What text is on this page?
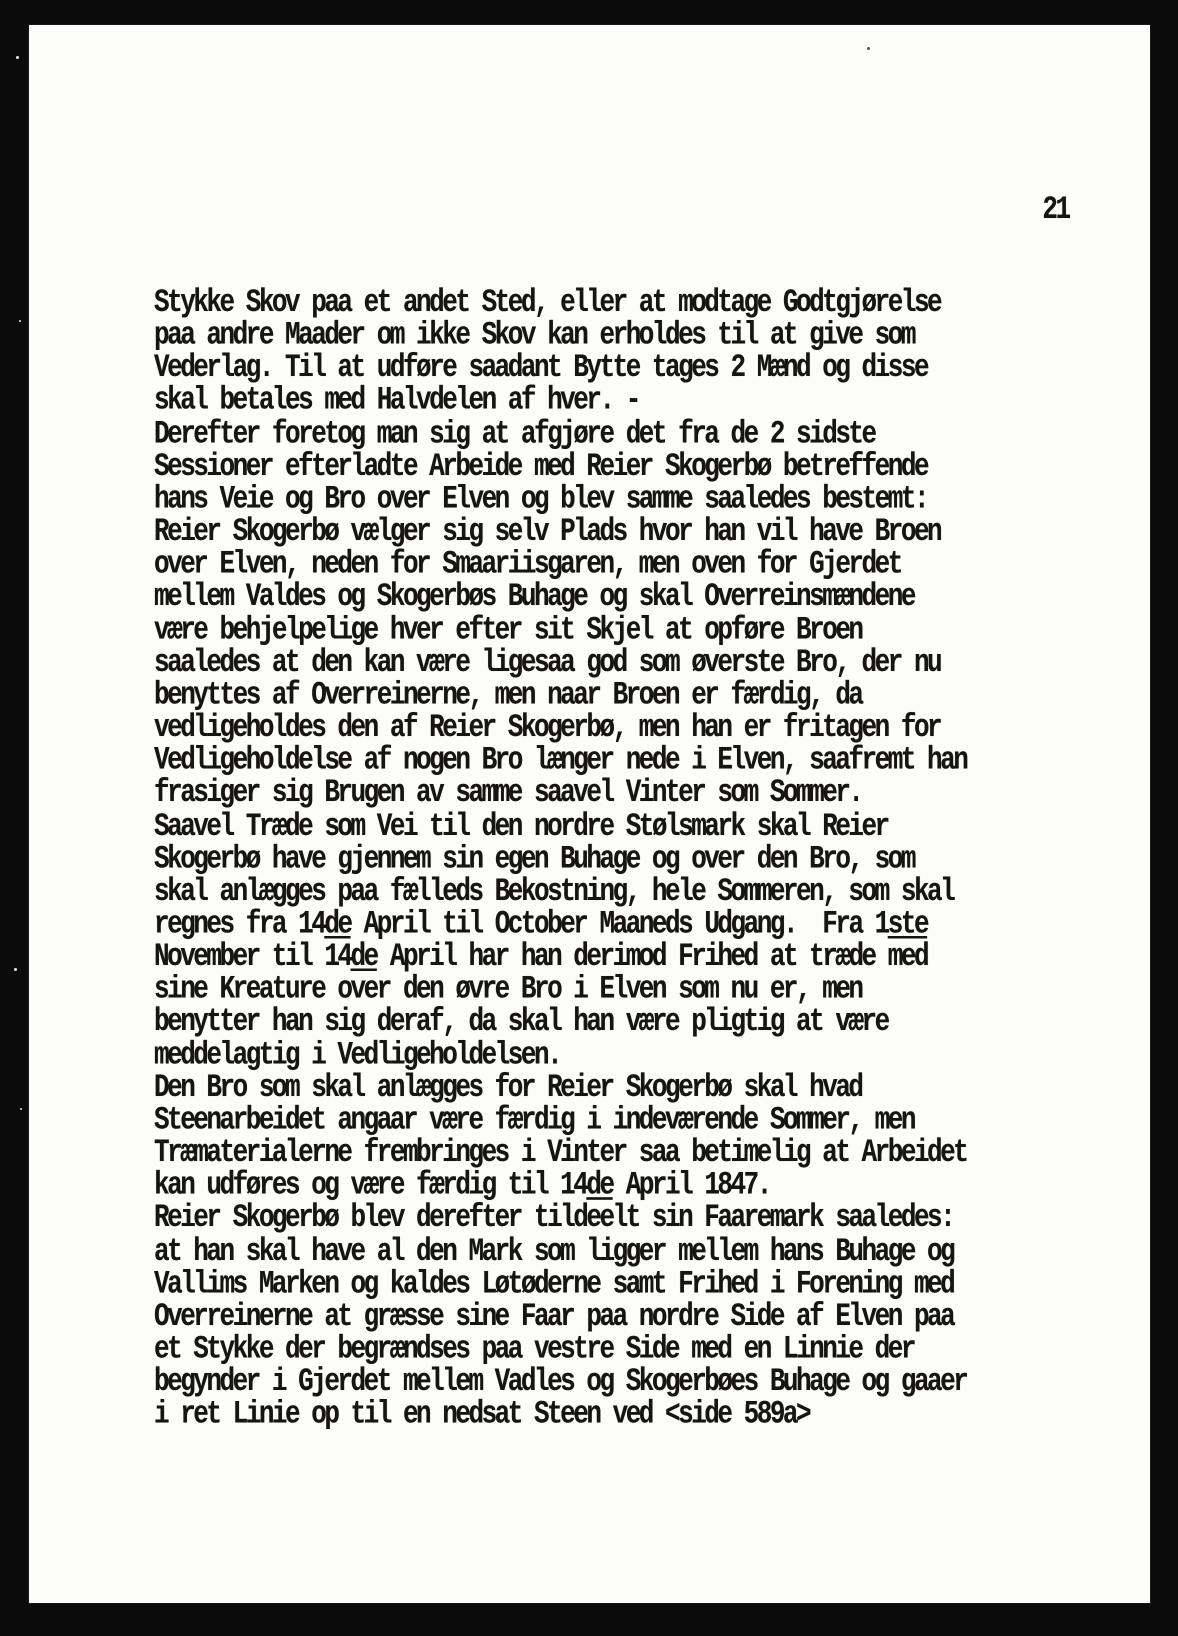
21

Stykke Skov paa et andet Sted, eller at modtage Godtgjørelse
paa andre Maader om ikke Skov kan erholdes til at give som
Vederlag. Til at udføre saadant Bytte tages 2 Mænd og disse
skal betales med Halvdelen af hver. -
Derefter foretog man sig at afgjøre det fra de 2 sidste
Sessioner efterladte Arbeide med Reier Skogerbø betreffende
hans Veie og Bro over Elven og blev samme saaledes bestemt:
Reier Skogerbø vælger sig selv Plads hvor han vil have Broen
over Elven, neden for Smaariisgaren, men oven for Gjerdet
mellem Valdes og Skogerbøs Buhage og skal Overreinsmændene
være behjelpelige hver efter sit Skjel at opføre Broen
saaledes at den kan være ligesaa god som øverste Bro, der nu
benyttes af Overreinerne, men naar Broen er færdig, da
vedligeholdes den af Reier Skogerbø, men han er fritagen for
Vedligeholdelse af nogen Bro længer nede i Elven, saafremt han
frasiger sig Brugen av samme saavel Vinter som Sommer.
Saavel Træde som Vei til den nordre Stølsmark skal Reier
Skogerbø have gjennem sin egen Buhage og over den Bro, som
skal anlægges paa fælleds Bekostning, hele Sommeren, som skal
regnes fra 14de April til October Maaneds Udgang.  Fra 1ste
November til 14de April har han derimod Frihed at træde med
sine Kreature over den øvre Bro i Elven som nu er, men
benytter han sig deraf, da skal han være pligtig at være
meddelagtig i Vedligeholdelsen.
Den Bro som skal anlægges for Reier Skogerbø skal hvad
Steenarbeidet angaar være færdig i indeværende Sommer, men
Træmaterialerne frembringes i Vinter saa betimelig at Arbeidet
kan udføres og være færdig til 14de April 1847.
Reier Skogerbø blev derefter tildeelt sin Faaremark saaledes:
at han skal have al den Mark som ligger mellem hans Buhage og
Vallims Marken og kaldes Løtøderne samt Frihed i Forening med
Overreinerne at græsse sine Faar paa nordre Side af Elven paa
et Stykke der begrændses paa vestre Side med en Linnie der
begynder i Gjerdet mellem Vadles og Skogerbøes Buhage og gaaer
i ret Linie op til en nedsat Steen ved <side 589a>
